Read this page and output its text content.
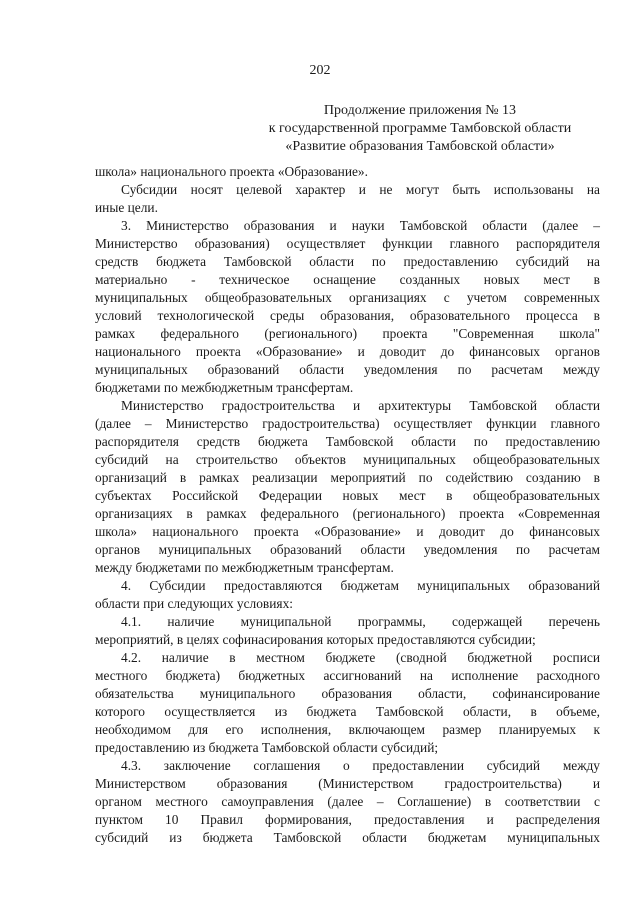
202
Продолжение приложения № 13
к государственной программе Тамбовской области
«Развитие образования Тамбовской области»
школа» национального проекта «Образование».
Субсидии носят целевой характер и не могут быть использованы на
иные цели.
3. Министерство образования и науки Тамбовской области (далее –
Министерство образования) осуществляет функции главного распорядителя
средств бюджета Тамбовской области по предоставлению субсидий на
материально - техническое оснащение созданных новых мест в
муниципальных общеобразовательных организациях с учетом современных
условий технологической среды образования, образовательного процесса в
рамках федерального (регионального) проекта "Современная школа"
национального проекта «Образование» и доводит до финансовых органов
муниципальных образований области уведомления по расчетам между
бюджетами по межбюджетным трансфертам.
Министерство градостроительства и архитектуры Тамбовской области
(далее – Министерство градостроительства) осуществляет функции главного
распорядителя средств бюджета Тамбовской области по предоставлению
субсидий на строительство объектов муниципальных общеобразовательных
организаций в рамках реализации мероприятий по содействию созданию в
субъектах Российской Федерации новых мест в общеобразовательных
организациях в рамках федерального (регионального) проекта «Современная
школа» национального проекта «Образование» и доводит до финансовых
органов муниципальных образований области уведомления по расчетам
между бюджетами по межбюджетным трансфертам.
4. Субсидии предоставляются бюджетам муниципальных образований
области при следующих условиях:
4.1. наличие муниципальной программы, содержащей перечень
мероприятий, в целях софинасирования которых предоставляются субсидии;
4.2. наличие в местном бюджете (сводной бюджетной росписи
местного бюджета) бюджетных ассигнований на исполнение расходного
обязательства муниципального образования области, софинансирование
которого осуществляется из бюджета Тамбовской области, в объеме,
необходимом для его исполнения, включающем размер планируемых к
предоставлению из бюджета Тамбовской области субсидий;
4.3. заключение соглашения о предоставлении субсидий между
Министерством образования (Министерством градостроительства) и
органом местного самоуправления (далее – Соглашение) в соответствии с
пунктом 10 Правил формирования, предоставления и распределения
субсидий из бюджета Тамбовской области бюджетам муниципальных
